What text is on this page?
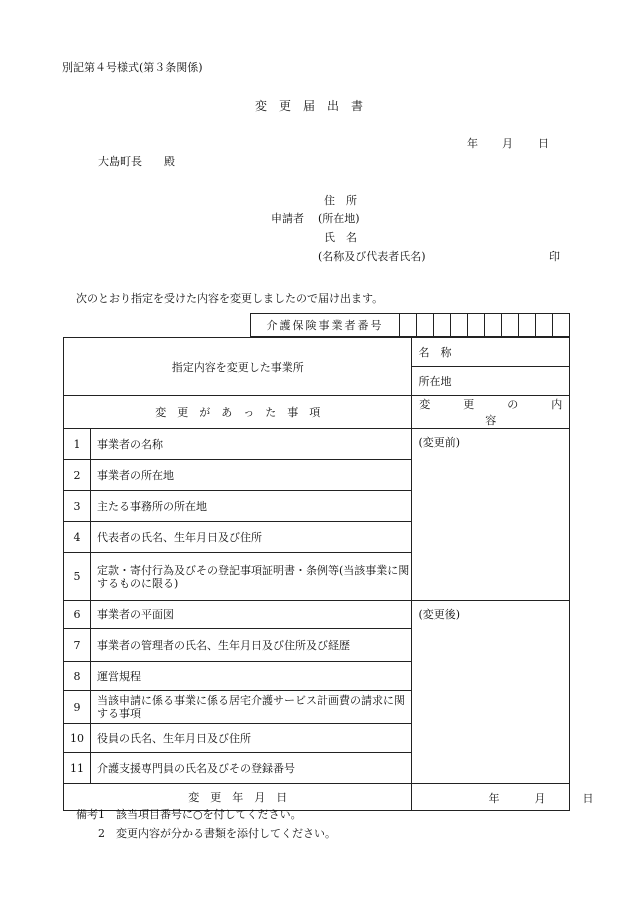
別記第４号様式(第３条関係)
変　更　届　出　書
年 月 日
大島町長　　殿
住　所
申請者 (所在地)
氏　名
(名称及び代表者氏名)	印
次のとおり指定を受けた内容を変更しましたので届け出ます。
介護保険事業者番号										
指定内容を変更した事業所		名　称
		所在地
変　更　が　あ　っ　た　事　項		変　　　更　　　の　　　内　　　容
1	事業者の名称	(変更前)
2	事業者の所在地	
3	主たる事務所の所在地	
4	代表者の氏名、生年月日及び住所	
5	定款・寄付行為及びその登記事項証明書・条例等(当該事業に関するものに限る)	
6	事業者の平面図	(変更後)
7	事業者の管理者の氏名、生年月日及び住所及び経歴	
8	運営規程	
9	当該申請に係る事業に係る居宅介護サービス計画費の請求に関する事項	
10	役員の氏名、生年月日及び住所	
11	介護支援専門員の氏名及びその登録番号	
変　更　年　月　日		年 月 日
備考1　該当項目番号に○を付してください。
2　変更内容が分かる書類を添付してください。
